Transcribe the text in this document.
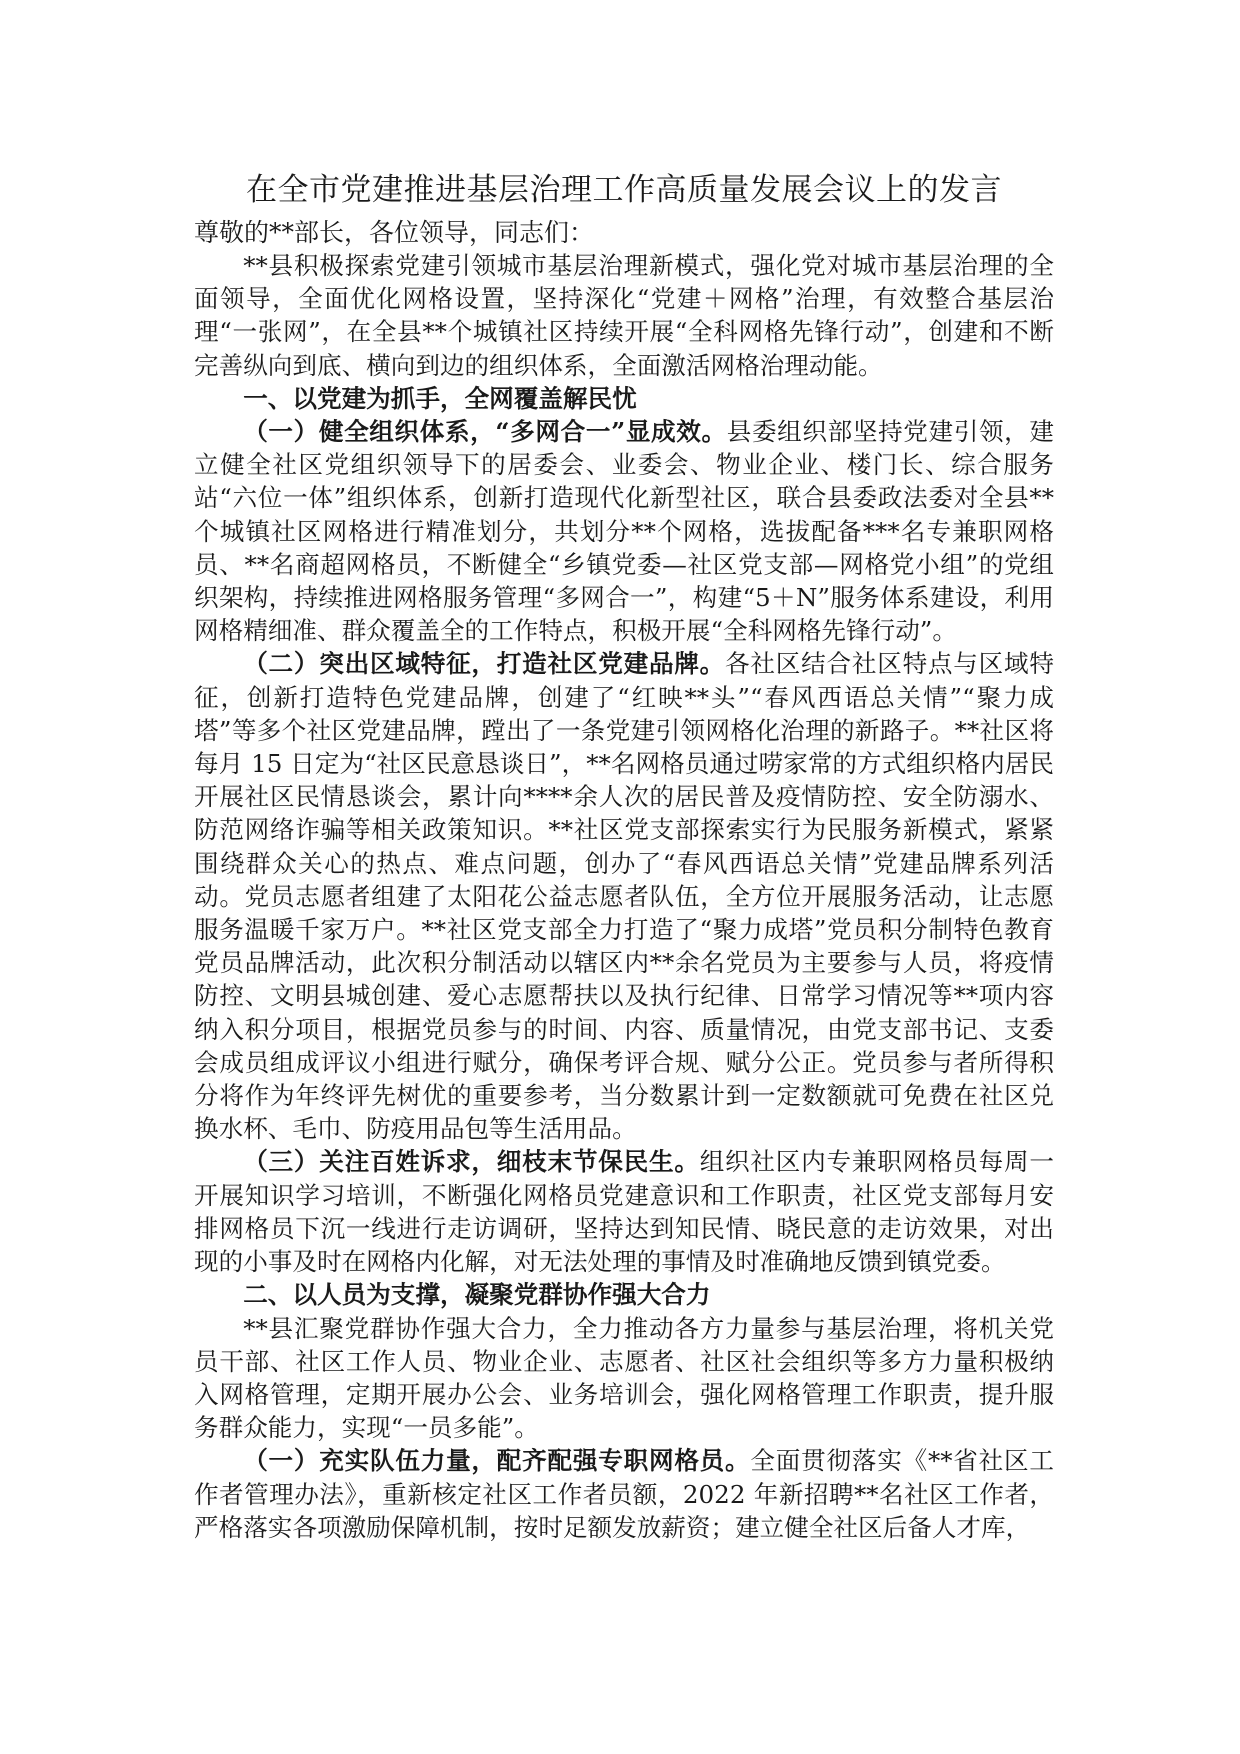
在全市党建推进基层治理工作高质量发展会议上的发言

尊敬的**部长，各位领导，同志们：

**县积极探索党建引领城市基层治理新模式，强化党对城市基层治理的全面领导，全面优化网格设置，坚持深化“党建＋网格”治理，有效整合基层治理“一张网”，在全县**个城镇社区持续开展“全科网格先锋行动”，创建和不断完善纵向到底、横向到边的组织体系，全面激活网格治理动能。

一、以党建为抓手，全网覆盖解民忧

（一）健全组织体系，“多网合一”显成效。县委组织部坚持党建引领，建立健全社区党组织领导下的居委会、业委会、物业企业、楼门长、综合服务站“六位一体”组织体系，创新打造现代化新型社区，联合县委政法委对全县**个城镇社区网格进行精准划分，共划分**个网格，选拔配备***名专兼职网格员、**名商超网格员，不断健全“乡镇党委—社区党支部—网格党小组”的党组织架构，持续推进网格服务管理“多网合一”，构建“5＋N”服务体系建设，利用网格精细准、群众覆盖全的工作特点，积极开展“全科网格先锋行动”。

（二）突出区域特征，打造社区党建品牌。各社区结合社区特点与区域特征，创新打造特色党建品牌，创建了“红映**头”“春风西语总关情”“聚力成塔”等多个社区党建品牌，蹚出了一条党建引领网格化治理的新路子。**社区将每月 15 日定为“社区民意恳谈日”，**名网格员通过唠家常的方式组织格内居民开展社区民情恳谈会，累计向****余人次的居民普及疫情防控、安全防溺水、防范网络诈骗等相关政策知识。**社区党支部探索实行为民服务新模式，紧紧围绕群众关心的热点、难点问题，创办了“春风西语总关情”党建品牌系列活动。党员志愿者组建了太阳花公益志愿者队伍，全方位开展服务活动，让志愿服务温暖千家万户。**社区党支部全力打造了“聚力成塔”党员积分制特色教育党员品牌活动，此次积分制活动以辖区内**余名党员为主要参与人员，将疫情防控、文明县城创建、爱心志愿帮扶以及执行纪律、日常学习情况等**项内容纳入积分项目，根据党员参与的时间、内容、质量情况，由党支部书记、支委会成员组成评议小组进行赋分，确保考评合规、赋分公正。党员参与者所得积分将作为年终评先树优的重要参考，当分数累计到一定数额就可免费在社区兑换水杯、毛巾、防疫用品包等生活用品。

（三）关注百姓诉求，细枝末节保民生。组织社区内专兼职网格员每周一开展知识学习培训，不断强化网格员党建意识和工作职责，社区党支部每月安排网格员下沉一线进行走访调研，坚持达到知民情、晓民意的走访效果，对出现的小事及时在网格内化解，对无法处理的事情及时准确地反馈到镇党委。

二、以人员为支撑，凝聚党群协作强大合力

**县汇聚党群协作强大合力，全力推动各方力量参与基层治理，将机关党员干部、社区工作人员、物业企业、志愿者、社区社会组织等多方力量积极纳入网格管理，定期开展办公会、业务培训会，强化网格管理工作职责，提升服务群众能力，实现“一员多能”。

（一）充实队伍力量，配齐配强专职网格员。全面贯彻落实《**省社区工作者管理办法》，重新核定社区工作者员额，2022 年新招聘**名社区工作者，严格落实各项激励保障机制，按时足额发放薪资；建立健全社区后备人才库，
